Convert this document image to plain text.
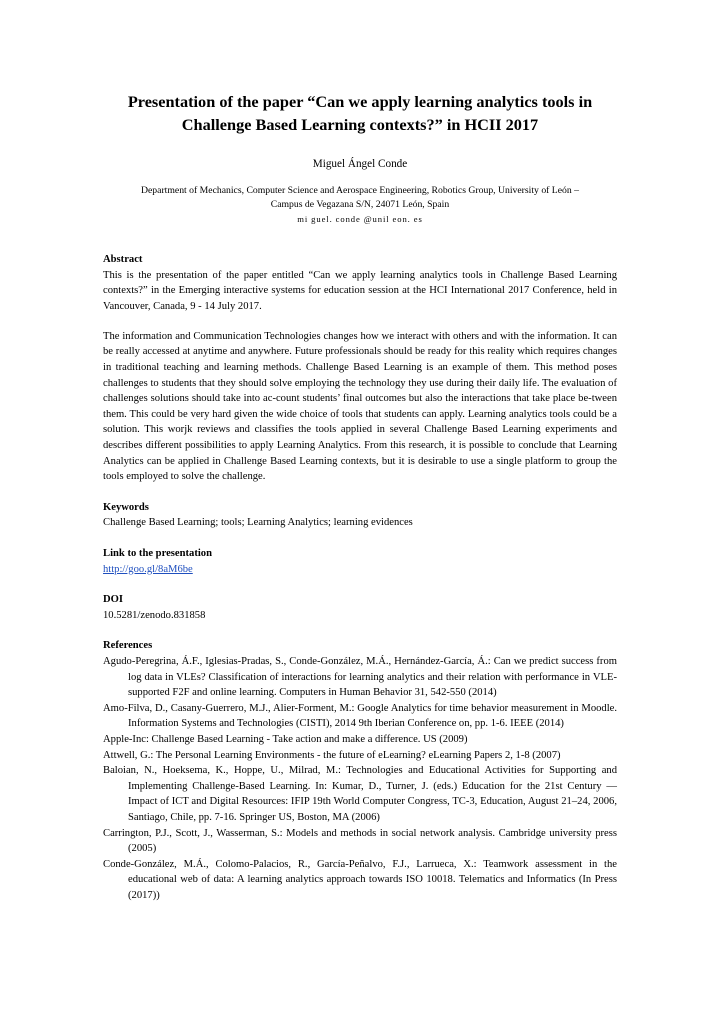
Presentation of the paper “Can we apply learning analytics tools in
Challenge Based Learning contexts?” in HCII 2017
Miguel Ángel Conde
Department of Mechanics, Computer Science and Aerospace Engineering, Robotics Group, University of León –
Campus de Vegazana S/N, 24071 León, Spain
mi guel. conde @unil eon. es
Abstract

This is the presentation of the paper entitled “Can we apply learning analytics tools in Challenge Based Learning contexts?” in the Emerging interactive systems for education session at the HCI International 2017 Conference, held in Vancouver, Canada, 9 - 14 July 2017.

The information and Communication Technologies changes how we interact with others and with the information. It can be really accessed at anytime and anywhere. Future professionals should be ready for this reality which requires changes in traditional teaching and learning methods. Challenge Based Learning is an example of them. This method poses challenges to students that they should solve employing the technology they use during their daily life. The evaluation of challenges solutions should take into ac-count students’ final outcomes but also the interactions that take place be-tween them. This could be very hard given the wide choice of tools that students can apply. Learning analytics tools could be a solution. This worjk reviews and classifies the tools applied in several Challenge Based Learning experiments and describes different possibilities to apply Learning Analytics. From this research, it is possible to conclude that Learning Analytics can be applied in Challenge Based Learning contexts, but it is desirable to use a single platform to group the tools employed to solve the challenge.

Keywords

Challenge Based Learning; tools; Learning Analytics; learning evidences

Link to the presentation
http://goo.gl/8aM6be
DOI
10.5281/zenodo.831858
References

Agudo-Peregrina, Á.F., Iglesias-Pradas, S., Conde-González, M.Á., Hernández-García, Á.: Can we predict success from log data in VLEs? Classification of interactions for learning analytics and their relation with performance in VLE-supported F2F and online learning. Computers in Human Behavior 31, 542-550 (2014)

Amo-Filva, D., Casany-Guerrero, M.J., Alier-Forment, M.: Google Analytics for time behavior measurement in Moodle. Information Systems and Technologies (CISTI), 2014 9th Iberian Conference on, pp. 1-6. IEEE (2014)

Apple-Inc: Challenge Based Learning - Take action and make a difference. US (2009)

Attwell, G.: The Personal Learning Environments - the future of eLearning? eLearning Papers 2, 1-8 (2007)

Baloian, N., Hoeksema, K., Hoppe, U., Milrad, M.: Technologies and Educational Activities for Supporting and Implementing Challenge-Based Learning. In: Kumar, D., Turner, J. (eds.) Education for the 21st Century — Impact of ICT and Digital Resources: IFIP 19th World Computer Congress, TC-3, Education, August 21–24, 2006, Santiago, Chile, pp. 7-16. Springer US, Boston, MA (2006)

Carrington, P.J., Scott, J., Wasserman, S.: Models and methods in social network analysis. Cambridge university press (2005)

Conde-González, M.Á., Colomo-Palacios, R., García-Peñalvo, F.J., Larrueca, X.: Teamwork assessment in the educational web of data: A learning analytics approach towards ISO 10018. Telematics and Informatics (In Press (2017))
